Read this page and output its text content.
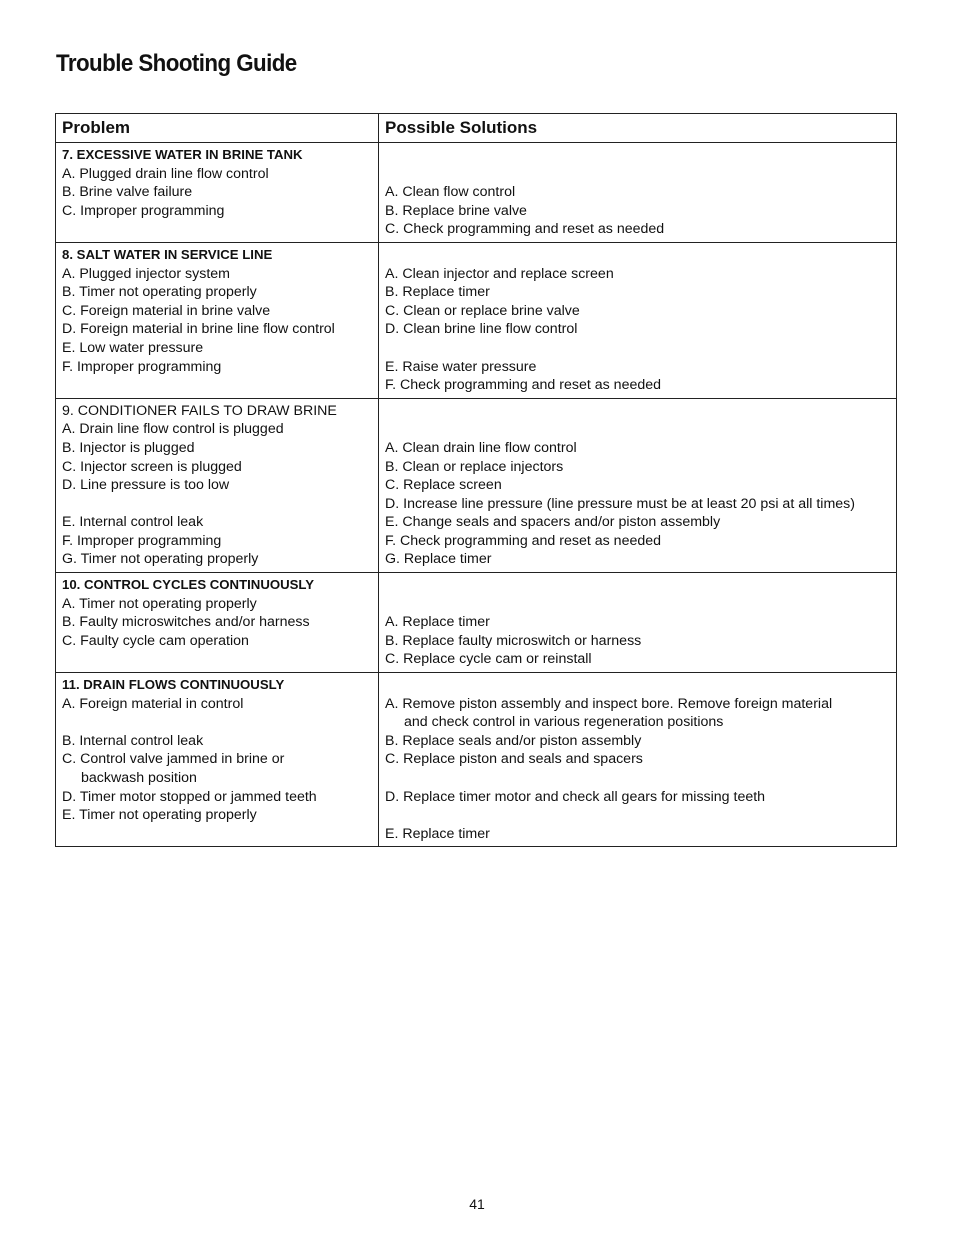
Trouble Shooting Guide
Problem	Possible Solutions
7. EXCESSIVE WATER IN BRINE TANK
A. Plugged drain line flow control
B. Brine valve failure
C. Improper programming
A. Clean flow control
B. Replace brine valve
C. Check programming and reset as needed
8. SALT WATER IN SERVICE LINE
A. Plugged injector system
B. Timer not operating properly
C. Foreign material in brine valve
D. Foreign material in brine line flow control
E. Low water pressure
F. Improper programming
A. Clean injector and replace screen
B. Replace timer
C. Clean or replace brine valve
D. Clean brine line flow control
E. Raise water pressure
F. Check programming and reset as needed
9. CONDITIONER FAILS TO DRAW BRINE
A. Drain line flow control is plugged
B. Injector is plugged
C. Injector screen is plugged
D. Line pressure is too low
E. Internal control leak
F. Improper programming
G. Timer not operating properly
A. Clean drain line flow control
B. Clean or replace injectors
C. Replace screen
D. Increase line pressure (line pressure must be at least 20 psi at all times)
E. Change seals and spacers and/or piston assembly
F. Check programming and reset as needed
G. Replace timer
10. CONTROL CYCLES CONTINUOUSLY
A. Timer not operating properly
B. Faulty microswitches and/or harness
C. Faulty cycle cam operation
A. Replace timer
B. Replace faulty microswitch or harness
C. Replace cycle cam or reinstall
11. DRAIN FLOWS CONTINUOUSLY
A. Foreign material in control
B. Internal control leak
C. Control valve jammed in brine or
backwash position
D. Timer motor stopped or jammed teeth
E. Timer not operating properly
A. Remove piston assembly and inspect bore. Remove foreign material
and check control in various regeneration positions
B. Replace seals and/or piston assembly
C. Replace piston and seals and spacers
D. Replace timer motor and check all gears for missing teeth
E. Replace timer
41
